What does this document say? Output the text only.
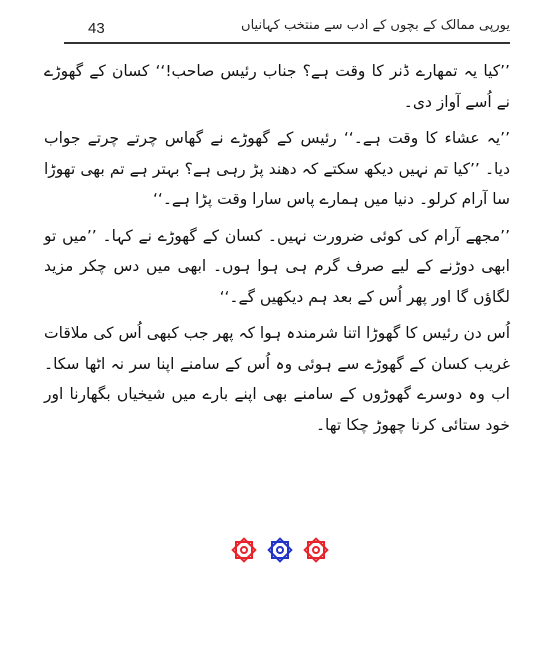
43	یورپی ممالک کے بچوں کے ادب سے منتخب کہانیاں

’’کیا یہ تمھارے ڈنر کا وقت ہے؟ جناب رئیس صاحب!‘‘ کسان کے گھوڑے نے اُسے آواز دی۔

’’یہ عشاء کا وقت ہے۔‘‘ رئیس کے گھوڑے نے گھاس چرتے چرتے جواب دیا۔ ’’کیا تم نہیں دیکھ سکتے کہ دھند پڑ رہی ہے؟ بہتر ہے تم بھی تھوڑا سا آرام کرلو۔ دنیا میں ہمارے پاس سارا وقت پڑا ہے۔‘‘

’’مجھے آرام کی کوئی ضرورت نہیں۔ کسان کے گھوڑے نے کہا۔ ’’میں تو ابھی دوڑنے کے لیے صرف گرم ہی ہوا ہوں۔ ابھی میں دس چکر مزید لگاؤں گا اور پھر اُس کے بعد ہم دیکھیں گے۔‘‘

اُس دن رئیس کا گھوڑا اتنا شرمندہ ہوا کہ پھر جب کبھی اُس کی ملاقات غریب کسان کے گھوڑے سے ہوئی وہ اُس کے سامنے اپنا سر نہ اٹھا سکا۔ اب وہ دوسرے گھوڑوں کے سامنے بھی اپنے بارے میں شیخیاں بگھارنا اور خود ستائی کرنا چھوڑ چکا تھا۔
